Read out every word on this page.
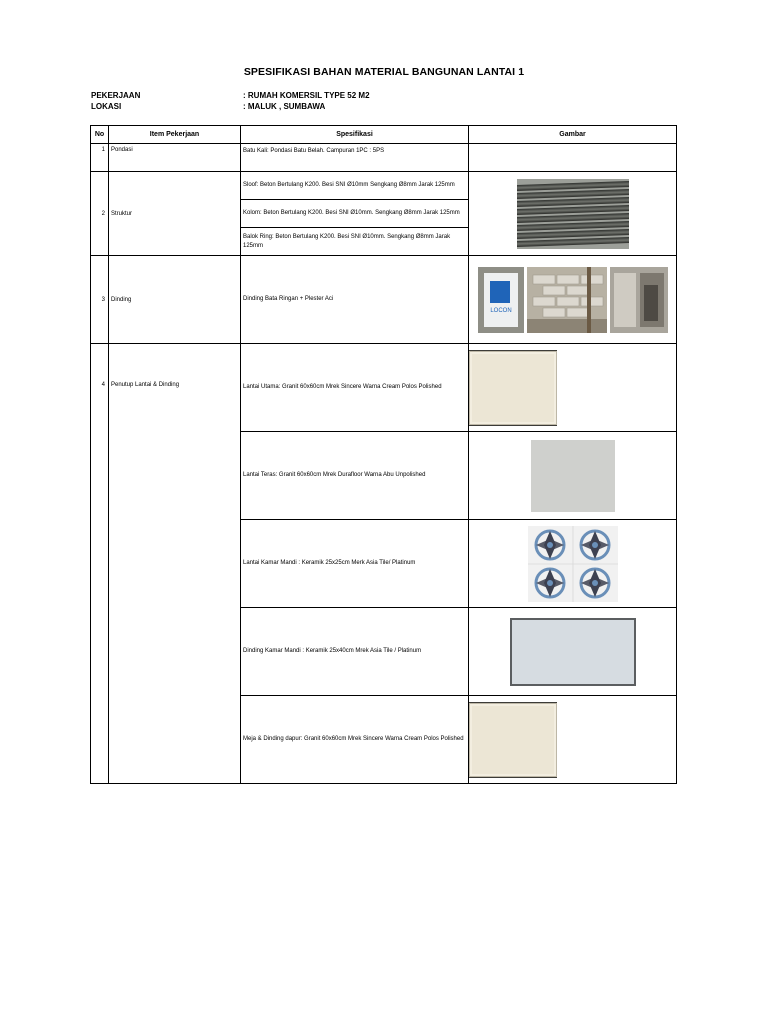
SPESIFIKASI BAHAN MATERIAL BANGUNAN LANTAI 1
PEKERJAAN	: RUMAH KOMERSIL TYPE 52 M2
LOKASI	: MALUK , SUMBAWA
No	Item Pekerjaan	Spesifikasi	Gambar
1	Pondasi	Batu Kali: Pondasi Batu Belah. Campuran 1PC : 5PS	
2	Struktur	Sloof: Beton Bertulang K200. Besi SNI Ø10mm Sengkang Ø8mm Jarak 125mm	

		Kolom: Beton Bertulang K200. Besi SNI Ø10mm. Sengkang Ø8mm Jarak 125mm	
		Balok Ring: Beton Bertulang K200. Besi SNI Ø10mm. Sengkang Ø8mm Jarak 125mm	
3	Dinding	Dinding Bata Ringan + Plester Aci	LOCON

4	Penutup Lantai & Dinding	Lantai Utama: Granit 60x60cm Mrek Sincere Warna Cream Polos Polished	

		Lantai Teras: Granit 60x60cm Mrek Durafloor Warna Abu Unpolished	
		Lantai Kamar Mandi : Keramik 25x25cm Merk Asia Tile/ Platinum	
		Dinding Kamar Mandi : Keramik 25x40cm Mrek Asia Tile / Platinum	
		Meja & Dinding dapur: Granit 60x60cm Mrek Sincere Warna Cream Polos Polished	
